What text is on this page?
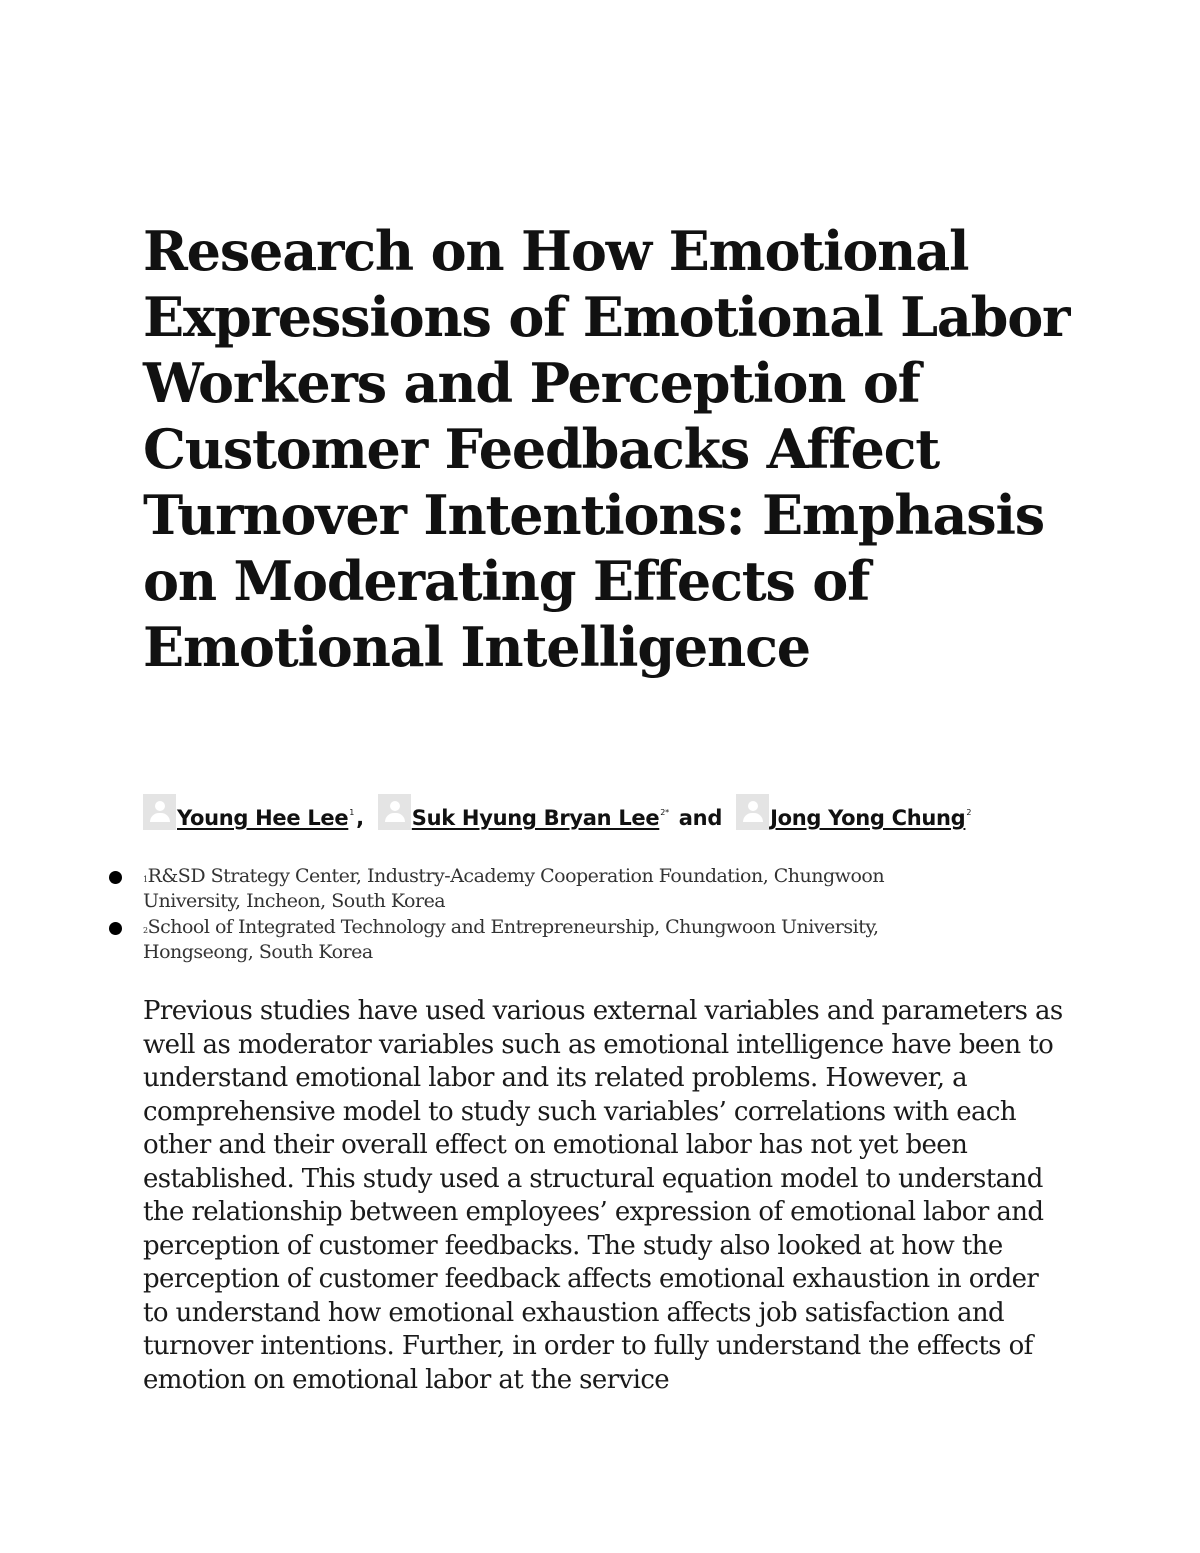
Research on How Emotional Expressions of Emotional Labor Workers and Perception of Customer Feedbacks Affect Turnover Intentions: Emphasis on Moderating Effects of Emotional Intelligence
Young Hee Lee1, Suk Hyung Bryan Lee2* and Jong Yong Chung2
$^1$R&SD Strategy Center, Industry-Academy Cooperation Foundation, Chungwoon University, Incheon, South Korea
$^2$School of Integrated Technology and Entrepreneurship, Chungwoon University, Hongseong, South Korea

Previous studies have used various external variables and parameters as well as moderator variables such as emotional intelligence have been to understand emotional labor and its related problems. However, a comprehensive model to study such variables’ correlations with each other and their overall effect on emotional labor has not yet been established. This study used a structural equation model to understand the relationship between employees’ expression of emotional labor and perception of customer feedbacks. The study also looked at how the perception of customer feedback affects emotional exhaustion in order to understand how emotional exhaustion affects job satisfaction and turnover intentions. Further, in order to fully understand the effects of emotion on emotional labor at the service
